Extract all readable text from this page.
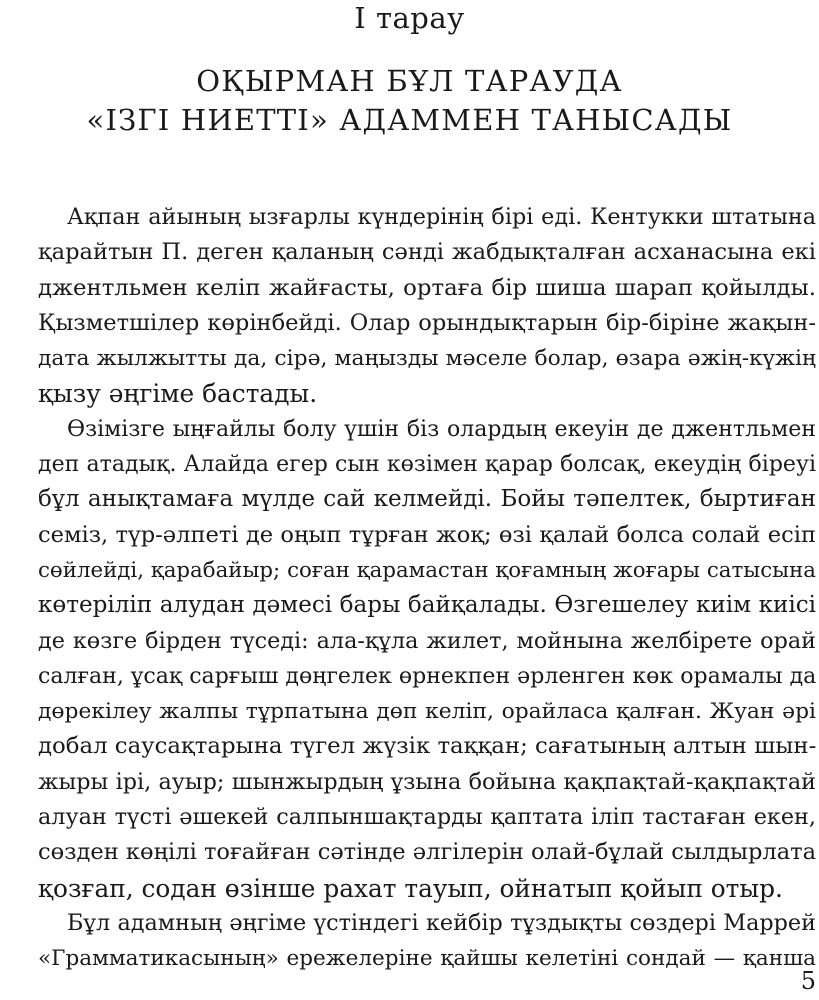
I тарау
ОҚЫРМАН БҰЛ ТАРАУДА
«ІЗГІ НИЕТТІ» АДАММЕН ТАНЫСАДЫ
Ақпан айының ызғарлы күндерінің бірі еді. Кентукки штатына
қарайтын П. деген қаланың сәнді жабдықталған асханасына екі
джентльмен келіп жайғасты, ортаға бір шиша шарап қойылды.
Қызметшілер көрінбейді. Олар орындықтарын бір-біріне жақын-
дата жылжытты да, сірә, маңызды мәселе болар, өзара әжің-күжің
қызу әңгіме бастады.
Өзімізге ыңғайлы болу үшін біз олардың екеуін де джентльмен
деп атадық. Алайда егер сын көзімен қарар болсақ, екеудің біреуі
бұл анықтамаға мүлде сай келмейді. Бойы тәпелтек, быртиған
семіз, түр-әлпеті де оңып тұрған жоқ; өзі қалай болса солай есіп
сөйлейді, қарабайыр; соған қарамастан қоғамның жоғары сатысына
көтеріліп алудан дәмесі бары байқалады. Өзгешелеу киім киісі
де көзге бірден түседі: ала-құла жилет, мойнына желбірете орай
салған, ұсақ сарғыш дөңгелек өрнекпен әрленген көк орамалы да
дөрекілеу жалпы тұрпатына дөп келіп, орайласа қалған. Жуан әрі
добал саусақтарына түгел жүзік таққан; сағатының алтын шын-
жыры ірі, ауыр; шынжырдың ұзына бойына қақпақтай-қақпақтай
алуан түсті әшекей салпыншақтарды қаптата іліп тастаған екен,
сөзден көңілі тоғайған сәтінде әлгілерін олай-бұлай сылдырлата
қозғап, содан өзінше рахат тауып, ойнатып қойып отыр.
Бұл адамның әңгіме үстіндегі кейбір тұздықты сөздері Маррей
«Грамматикасының» ережелеріне қайшы келетіні сондай — қанша
5
